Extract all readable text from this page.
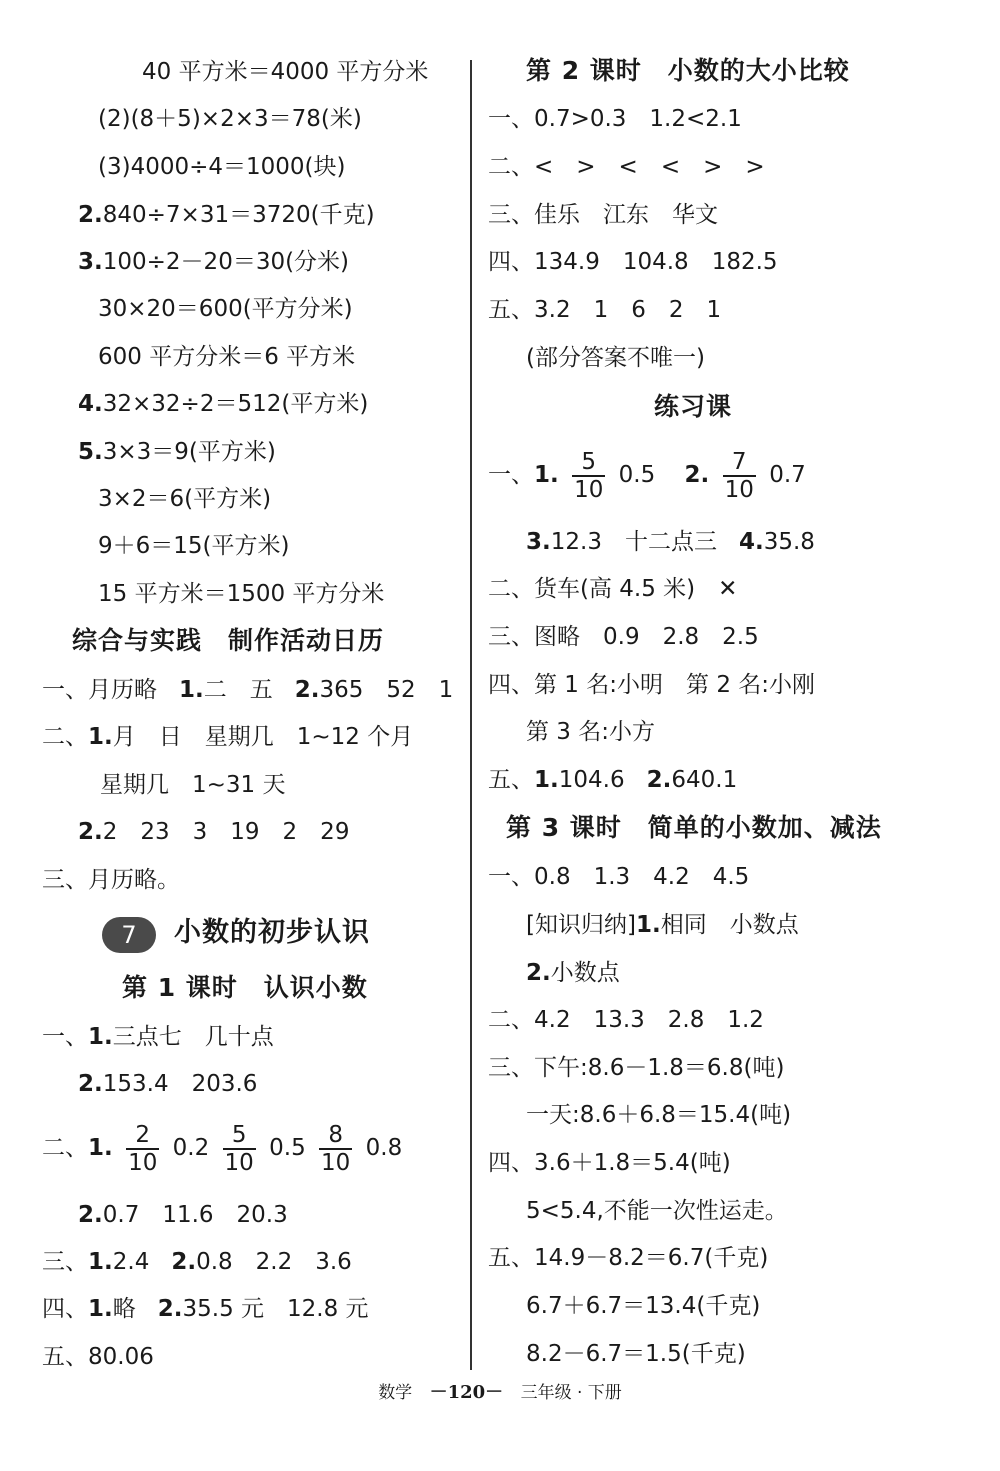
40 平方米＝4000 平方分米
(2)(8＋5)×2×3＝78(米)
(3)4000÷4＝1000(块)
2.840÷7×31＝3720(千克)
3.100÷2－20＝30(分米)
30×20＝600(平方分米)
600 平方分米＝6 平方米
4.32×32÷2＝512(平方米)
5.3×3＝9(平方米)
3×2＝6(平方米)
9＋6＝15(平方米)
15 平方米＝1500 平方分米
综合与实践　制作活动日历
一、月历略 1.二　五 2.365　52　1
二、1.月　日　星期几　1~12 个月
星期几　1~31 天
2.2　23　3　19　2　29
三、月历略。
7 小数的初步认识
第 1 课时　认识小数
一、1.三点七　几十点
2.153.4　203.6
二、1. $\frac{2}{10} 0.2 \frac{5}{10} 0.5 \frac{8}{10} 0.8$
2.0.7　11.6　20.3
三、1.2.4 2.0.8　2.2　3.6
四、1.略 2.35.5 元　12.8 元
五、80.06
第 2 课时　小数的大小比较
一、0.7>0.3　1.2<2.1
二、<　>　<　<　>　>
三、佳乐　江东　华文
四、134.9　104.8　182.5
五、3.2　1　6　2　1
(部分答案不唯一)
练习课
一、1. $\frac{5}{10} 0.5$ 2. $\frac{7}{10} 0.7$
3.12.3　十二点三 4.35.8
二、货车(高 4.5 米)　✕
三、图略　0.9　2.8　2.5
四、第 1 名:小明　第 2 名:小刚
第 3 名:小方
五、1.104.6 2.640.1
第 3 课时　简单的小数加、减法
一、0.8　1.3　4.2　4.5
[知识归纳]1.相同　小数点
2.小数点
二、4.2　13.3　2.8　1.2
三、下午:8.6－1.8＝6.8(吨)
一天:8.6＋6.8＝15.4(吨)
四、3.6＋1.8＝5.4(吨)
5<5.4,不能一次性运走。
五、14.9－8.2＝6.7(千克)
6.7＋6.7＝13.4(千克)
8.2－6.7＝1.5(千克)
数学 －120－ 三年级 · 下册
